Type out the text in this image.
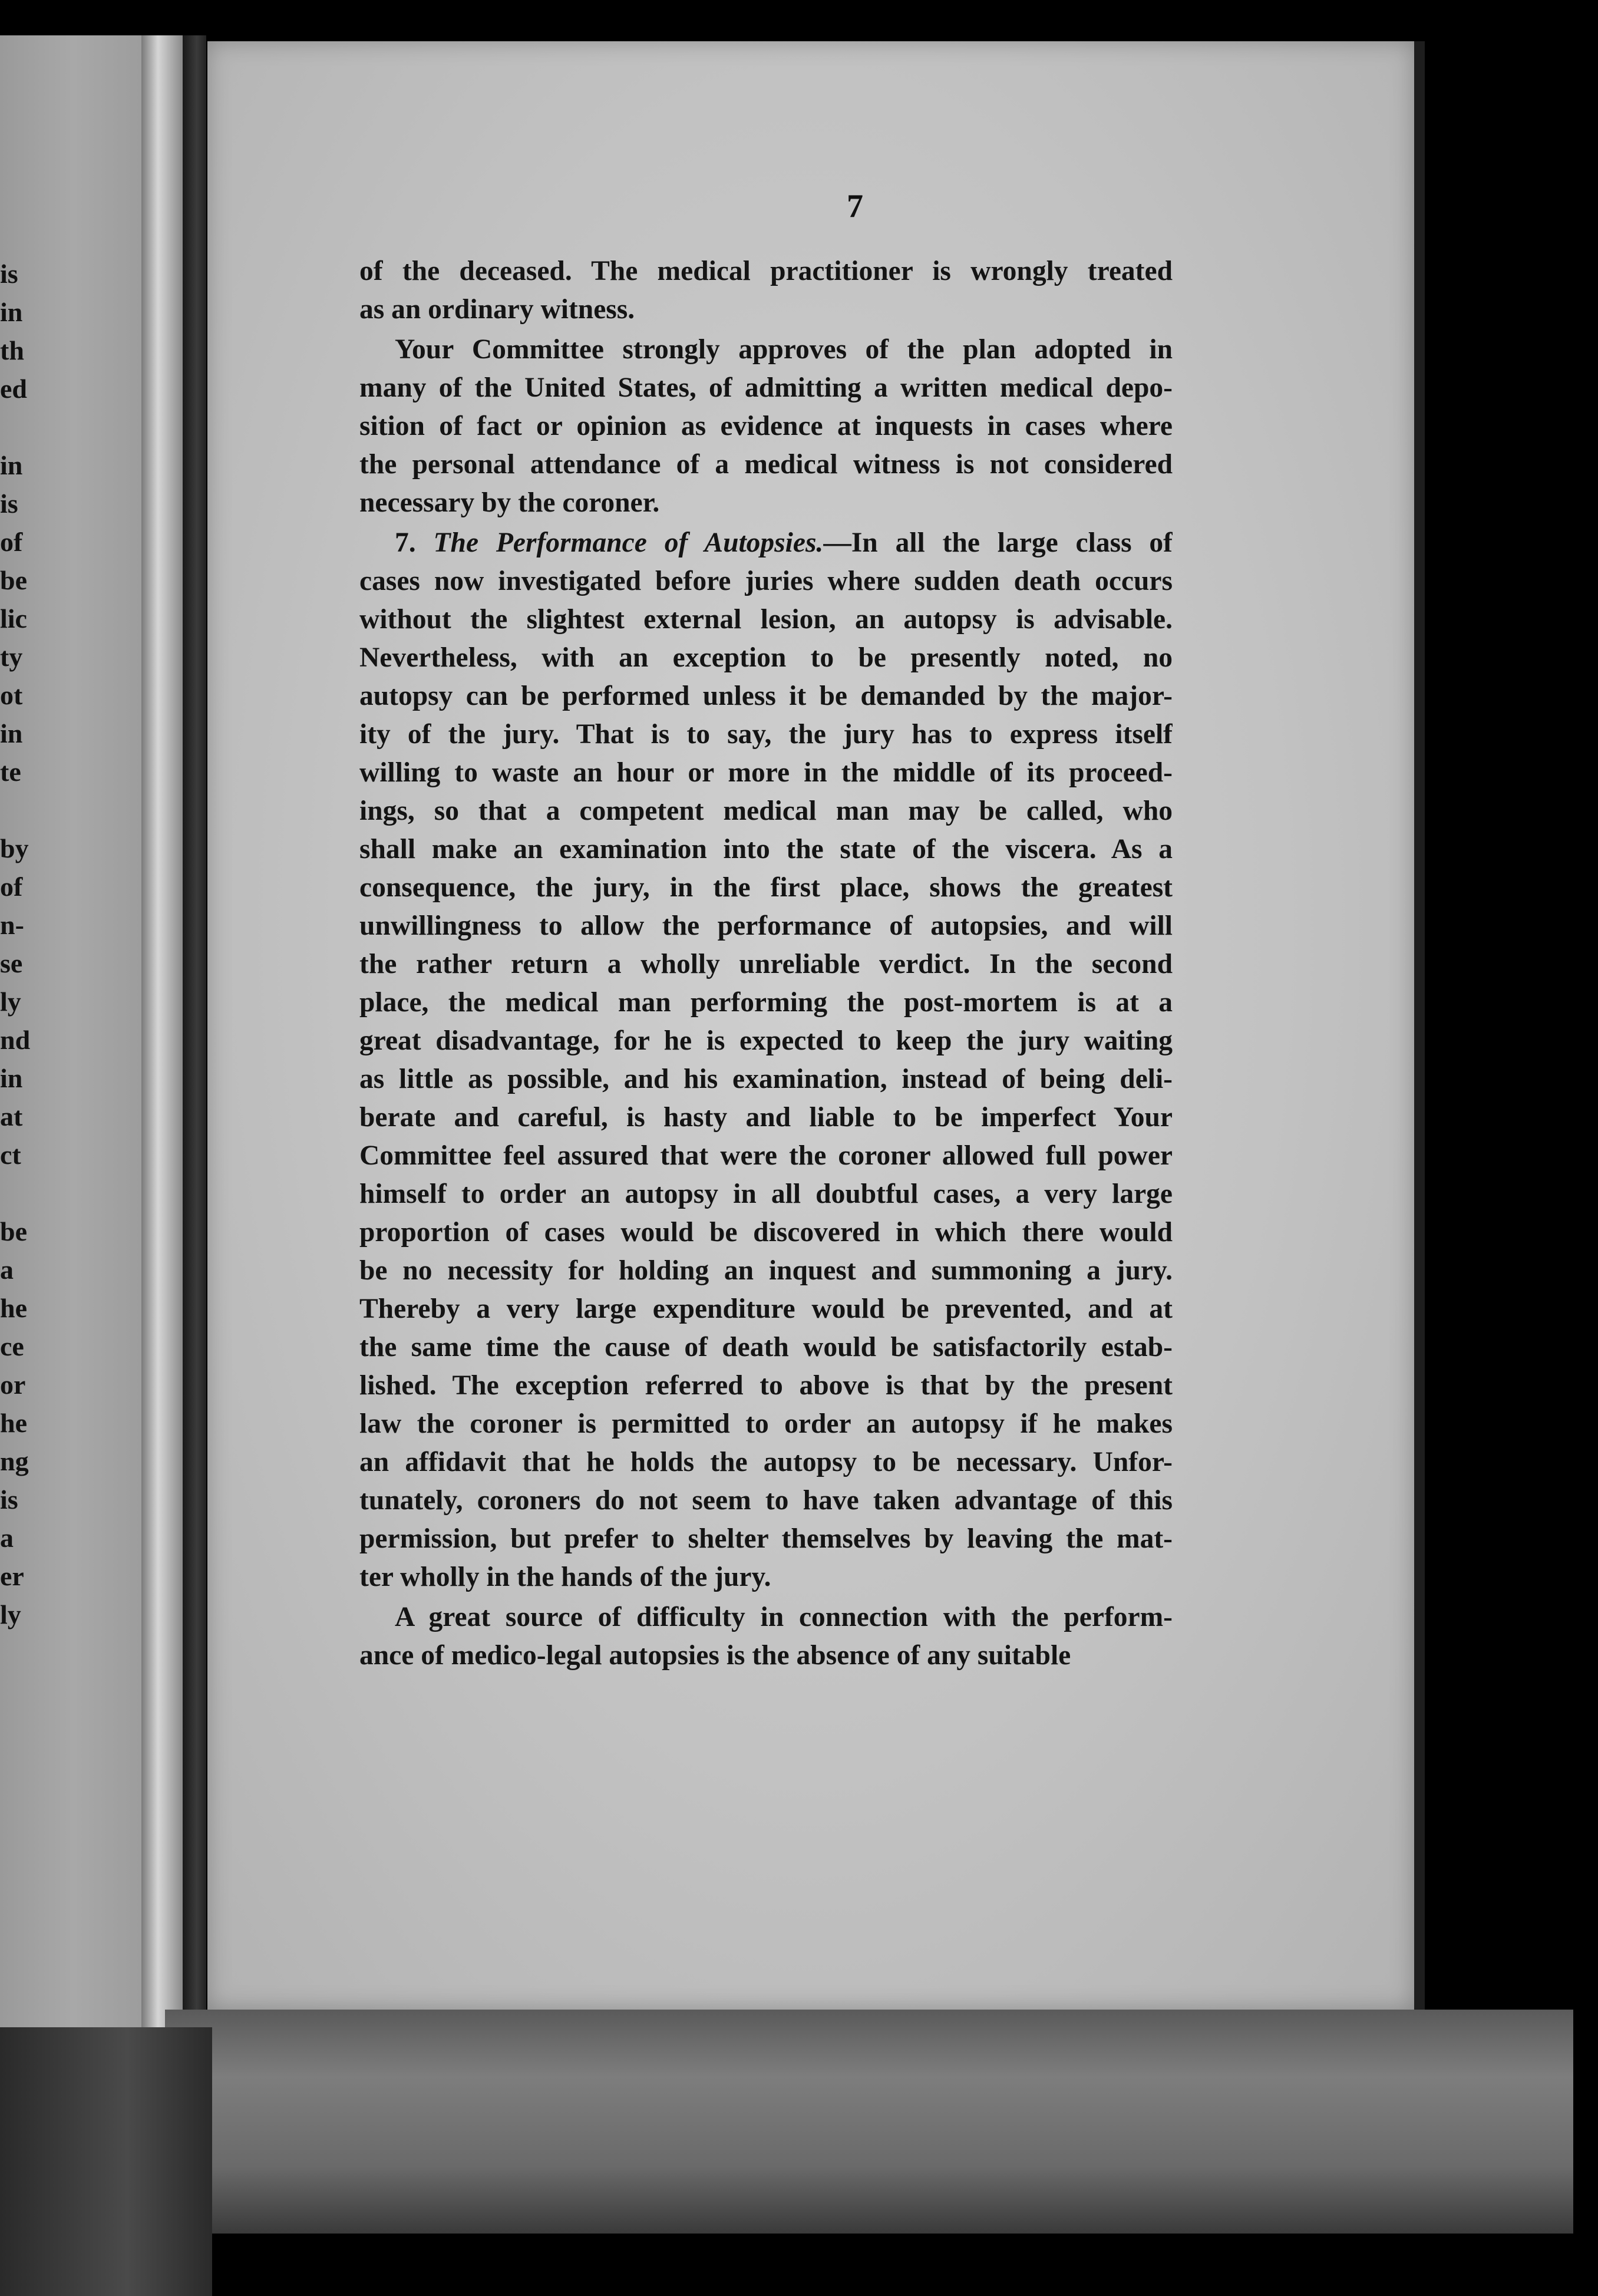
is
in
th
ed
in
is
of
be
lic
ty
ot
in
te
by
of
n-
se
ly
nd
in
at
ct
be
a
he
ce
or
he
ng
is
a
er
ly
7
of the deceased. The medical practitioner is wrongly treated
as an ordinary witness.
Your Committee strongly approves of the plan adopted in
many of the United States, of admitting a written medical depo-
sition of fact or opinion as evidence at inquests in cases where
the personal attendance of a medical witness is not considered
necessary by the coroner.
7. The Performance of Autopsies.—In all the large class of
cases now investigated before juries where sudden death occurs
without the slightest external lesion, an autopsy is advisable.
Nevertheless, with an exception to be presently noted, no
autopsy can be performed unless it be demanded by the major-
ity of the jury. That is to say, the jury has to express itself
willing to waste an hour or more in the middle of its proceed-
ings, so that a competent medical man may be called, who
shall make an examination into the state of the viscera. As a
consequence, the jury, in the first place, shows the greatest
unwillingness to allow the performance of autopsies, and will
the rather return a wholly unreliable verdict. In the second
place, the medical man performing the post-mortem is at a
great disadvantage, for he is expected to keep the jury waiting
as little as possible, and his examination, instead of being deli-
berate and careful, is hasty and liable to be imperfect Your
Committee feel assured that were the coroner allowed full power
himself to order an autopsy in all doubtful cases, a very large
proportion of cases would be discovered in which there would
be no necessity for holding an inquest and summoning a jury.
Thereby a very large expenditure would be prevented, and at
the same time the cause of death would be satisfactorily estab-
lished. The exception referred to above is that by the present
law the coroner is permitted to order an autopsy if he makes
an affidavit that he holds the autopsy to be necessary. Unfor-
tunately, coroners do not seem to have taken advantage of this
permission, but prefer to shelter themselves by leaving the mat-
ter wholly in the hands of the jury.
A great source of difficulty in connection with the perform-
ance of medico-legal autopsies is the absence of any suitable
